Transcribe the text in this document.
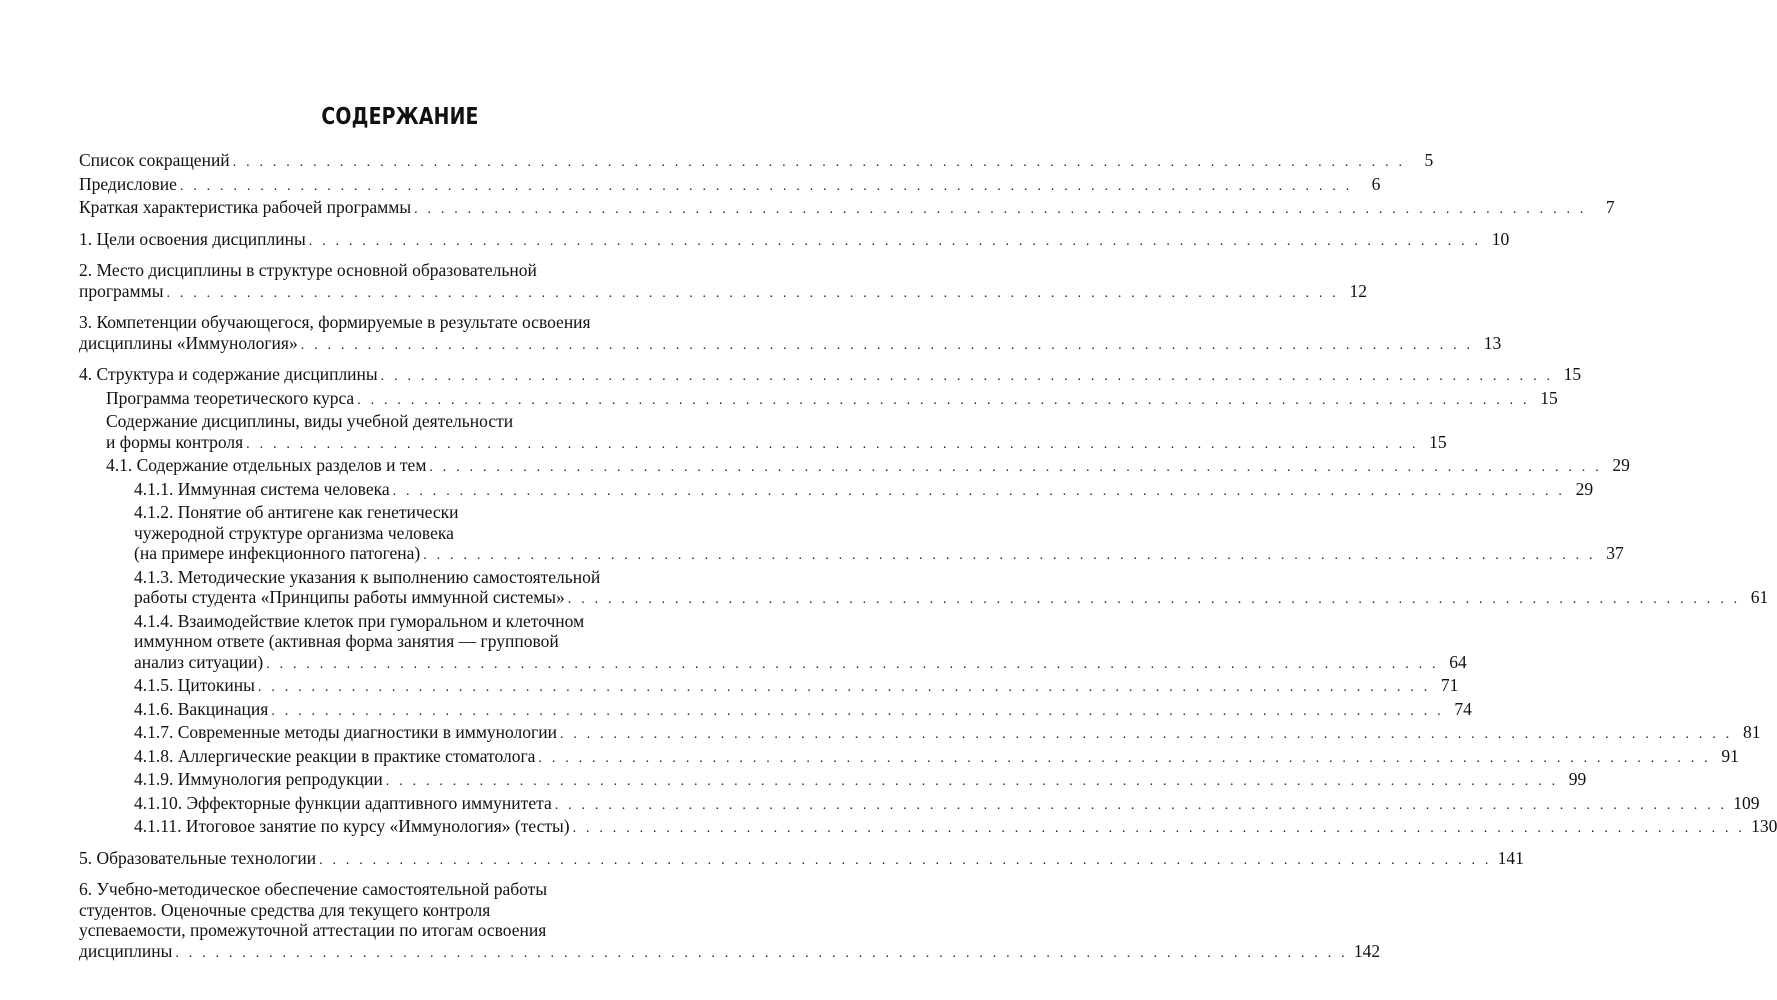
СОДЕРЖАНИЕ
Список сокращений . . . . . . . . . . . . . . . . . . . . . . . . . . . . . . . . . . . . . . . . . . . . . . . . . . . . . . . . . . . . . . . . . . . . . . . . . . . . . . . . . . . . . . . .	5
Предисловие . . . . . . . . . . . . . . . . . . . . . . . . . . . . . . . . . . . . . . . . . . . . . . . . . . . . . . . . . . . . . . . . . . . . . . . . . . . . . . . . . . . . . . . .	6
Краткая характеристика рабочей программы . . . . . . . . . . . . . . . . . . . . . . . . . . . . . . . . . . . . . . . . . . . . . . . . . . . . . . . . . . . . . . . . . . . . . . . . . . . . . . . . . . . . . . . .	7
1. Цели освоения дисциплины . . . . . . . . . . . . . . . . . . . . . . . . . . . . . . . . . . . . . . . . . . . . . . . . . . . . . . . . . . . . . . . . . . . . . . . . . . . . . . . . . . . . . . . . 10
2. Место дисциплины в структуре основной образовательной
программы . . . . . . . . . . . . . . . . . . . . . . . . . . . . . . . . . . . . . . . . . . . . . . . . . . . . . . . . . . . . . . . . . . . . . . . . . . . . . . . . . . . . . . . . 12
3. Компетенции обучающегося, формируемые в результате освоения
дисциплины «Иммунология» . . . . . . . . . . . . . . . . . . . . . . . . . . . . . . . . . . . . . . . . . . . . . . . . . . . . . . . . . . . . . . . . . . . . . . . . . . . . . . . . . . . . . . . . 13
4. Структура и содержание дисциплины . . . . . . . . . . . . . . . . . . . . . . . . . . . . . . . . . . . . . . . . . . . . . . . . . . . . . . . . . . . . . . . . . . . . . . . . . . . . . . . . . . . . . . . . 15
Программа теоретического курса . . . . . . . . . . . . . . . . . . . . . . . . . . . . . . . . . . . . . . . . . . . . . . . . . . . . . . . . . . . . . . . . . . . . . . . . . . . . . . . . . . . . . . . . 15
Содержание дисциплины, виды учебной деятельности
и формы контроля . . . . . . . . . . . . . . . . . . . . . . . . . . . . . . . . . . . . . . . . . . . . . . . . . . . . . . . . . . . . . . . . . . . . . . . . . . . . . . . . . . . . . . . . 15
4.1. Содержание отдельных разделов и тем . . . . . . . . . . . . . . . . . . . . . . . . . . . . . . . . . . . . . . . . . . . . . . . . . . . . . . . . . . . . . . . . . . . . . . . . . . . . . . . . . . . . . . . . 29
4.1.1. Иммунная система человека . . . . . . . . . . . . . . . . . . . . . . . . . . . . . . . . . . . . . . . . . . . . . . . . . . . . . . . . . . . . . . . . . . . . . . . . . . . . . . . . . . . . . . . . 29
4.1.2. Понятие об антигене как генетически
чужеродной структуре организма человека
(на примере инфекционного патогена) . . . . . . . . . . . . . . . . . . . . . . . . . . . . . . . . . . . . . . . . . . . . . . . . . . . . . . . . . . . . . . . . . . . . . . . . . . . . . . . . . . . . . . . . 37
4.1.3. Методические указания к выполнению самостоятельной
работы студента «Принципы работы иммунной системы» . . . . . . . . . . . . . . . . . . . . . . . . . . . . . . . . . . . . . . . . . . . . . . . . . . . . . . . . . . . . . . . . . . . . . . . . . . . . . . . . . . . . . . . . 61
4.1.4. Взаимодействие клеток при гуморальном и клеточном
иммунном ответе (активная форма занятия — групповой
анализ ситуации) . . . . . . . . . . . . . . . . . . . . . . . . . . . . . . . . . . . . . . . . . . . . . . . . . . . . . . . . . . . . . . . . . . . . . . . . . . . . . . . . . . . . . . . . 64
4.1.5. Цитокины . . . . . . . . . . . . . . . . . . . . . . . . . . . . . . . . . . . . . . . . . . . . . . . . . . . . . . . . . . . . . . . . . . . . . . . . . . . . . . . . . . . . . . . . 71
4.1.6. Вакцинация . . . . . . . . . . . . . . . . . . . . . . . . . . . . . . . . . . . . . . . . . . . . . . . . . . . . . . . . . . . . . . . . . . . . . . . . . . . . . . . . . . . . . . . . 74
4.1.7. Современные методы диагностики в иммунологии . . . . . . . . . . . . . . . . . . . . . . . . . . . . . . . . . . . . . . . . . . . . . . . . . . . . . . . . . . . . . . . . . . . . . . . . . . . . . . . . . . . . . . . . 81
4.1.8. Аллергические реакции в практике стоматолога . . . . . . . . . . . . . . . . . . . . . . . . . . . . . . . . . . . . . . . . . . . . . . . . . . . . . . . . . . . . . . . . . . . . . . . . . . . . . . . . . . . . . . . . 91
4.1.9. Иммунология репродукции . . . . . . . . . . . . . . . . . . . . . . . . . . . . . . . . . . . . . . . . . . . . . . . . . . . . . . . . . . . . . . . . . . . . . . . . . . . . . . . . . . . . . . . . 99
4.1.10. Эффекторные функции адаптивного иммунитета . . . . . . . . . . . . . . . . . . . . . . . . . . . . . . . . . . . . . . . . . . . . . . . . . . . . . . . . . . . . . . . . . . . . . . . . . . . . . . . . . . . . . . . . 109
4.1.11. Итоговое занятие по курсу «Иммунология» (тесты) . . . . . . . . . . . . . . . . . . . . . . . . . . . . . . . . . . . . . . . . . . . . . . . . . . . . . . . . . . . . . . . . . . . . . . . . . . . . . . . . . . . . . . . . 130
5. Образовательные технологии . . . . . . . . . . . . . . . . . . . . . . . . . . . . . . . . . . . . . . . . . . . . . . . . . . . . . . . . . . . . . . . . . . . . . . . . . . . . . . . . . . . . . . . . 141
6. Учебно-методическое обеспечение самостоятельной работы
студентов. Оценочные средства для текущего контроля
успеваемости, промежуточной аттестации по итогам освоения
дисциплины . . . . . . . . . . . . . . . . . . . . . . . . . . . . . . . . . . . . . . . . . . . . . . . . . . . . . . . . . . . . . . . . . . . . . . . . . . . . . . . . . . . . . . . . 142
